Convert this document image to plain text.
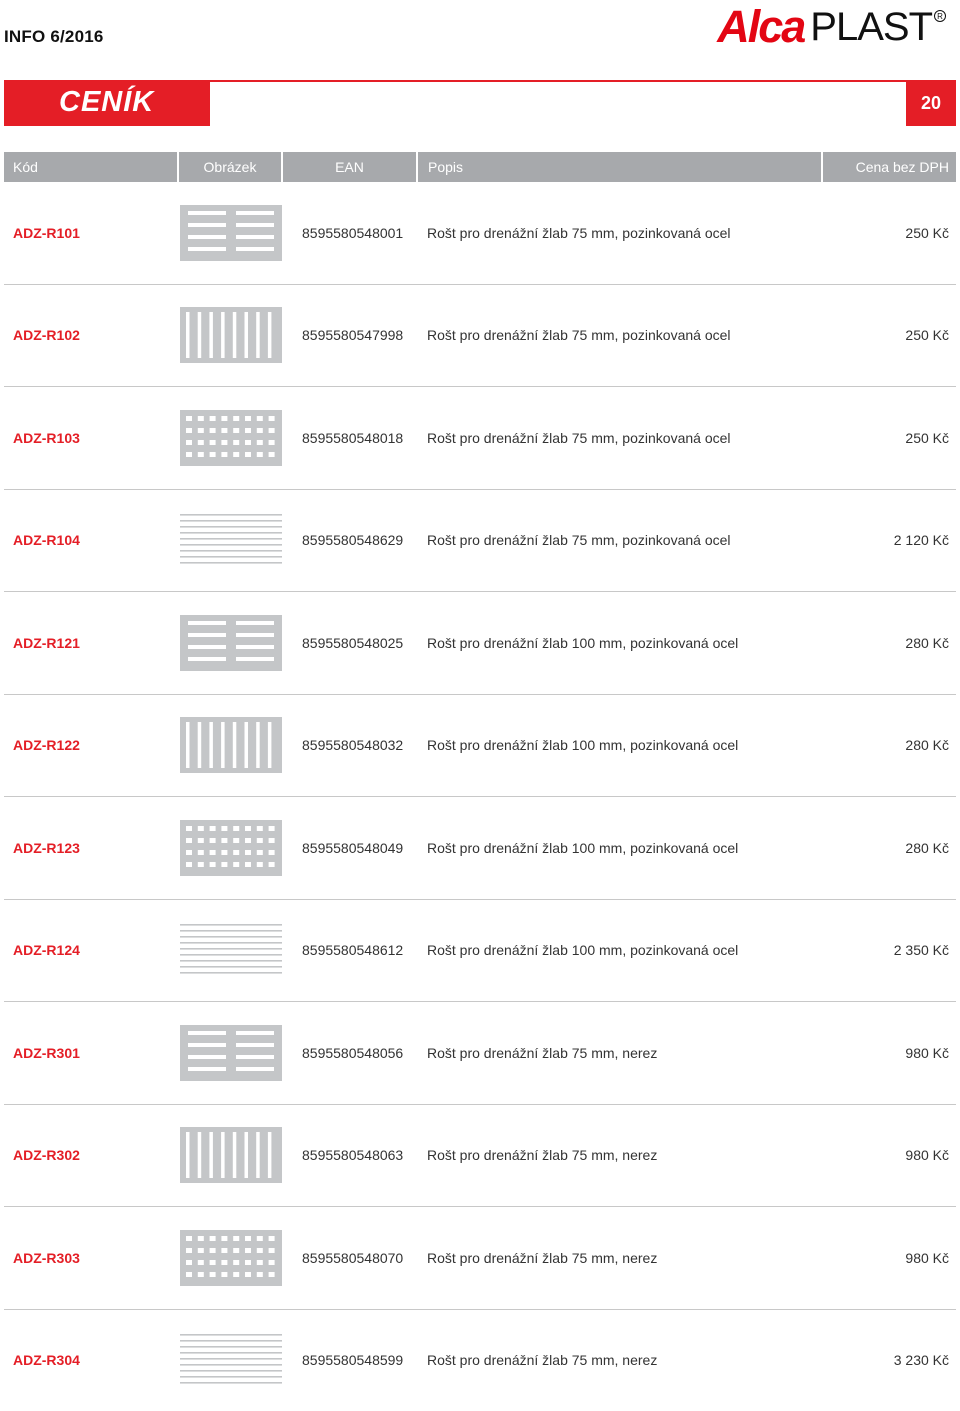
INFO 6/2016	Alca PLAST R
CENÍK	20
Kód	Obrázek	EAN	Popis	Cena bez DPH
ADZ-R101	8595580548001 Rošt pro drenážní žlab 75 mm, pozinkovaná ocel	250 Kč
ADZ-R102	8595580547998 Rošt pro drenážní žlab 75 mm, pozinkovaná ocel	250 Kč
ADZ-R103	8595580548018 Rošt pro drenážní žlab 75 mm, pozinkovaná ocel	250 Kč
ADZ-R104	8595580548629 Rošt pro drenážní žlab 75 mm, pozinkovaná ocel	2 120 Kč
ADZ-R121	8595580548025 Rošt pro drenážní žlab 100 mm, pozinkovaná ocel	280 Kč
ADZ-R122	8595580548032 Rošt pro drenážní žlab 100 mm, pozinkovaná ocel	280 Kč
ADZ-R123	8595580548049 Rošt pro drenážní žlab 100 mm, pozinkovaná ocel	280 Kč
ADZ-R124	8595580548612 Rošt pro drenážní žlab 100 mm, pozinkovaná ocel	2 350 Kč
ADZ-R301	8595580548056 Rošt pro drenážní žlab 75 mm, nerez	980 Kč
ADZ-R302	8595580548063 Rošt pro drenážní žlab 75 mm, nerez	980 Kč
ADZ-R303	8595580548070 Rošt pro drenážní žlab 75 mm, nerez	980 Kč
ADZ-R304	8595580548599 Rošt pro drenážní žlab 75 mm, nerez	3 230 Kč
